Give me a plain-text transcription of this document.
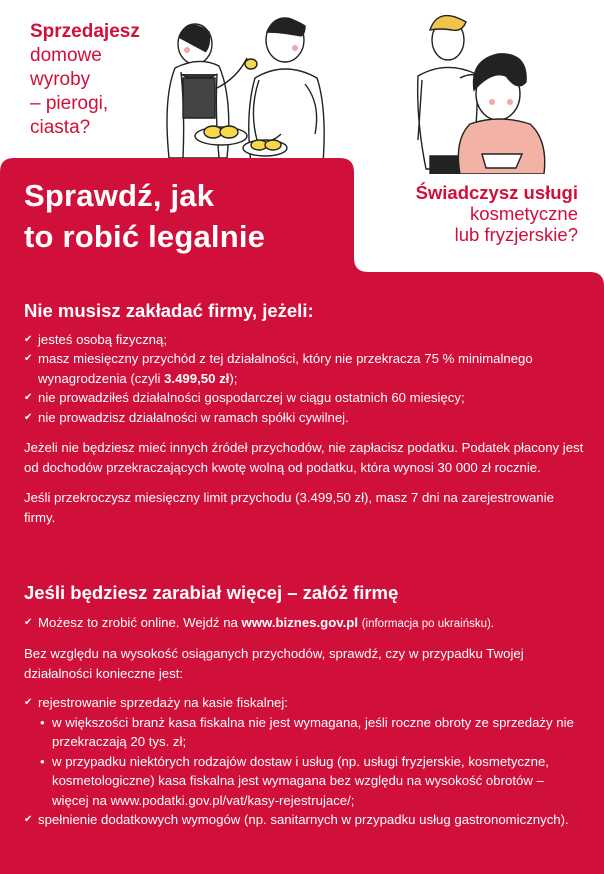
Sprzedajesz
domowe
wyroby
– pierogi,
ciasta?
Sprawdź, jak
to robić legalnie
Świadczysz usługi
kosmetyczne
lub fryzjerskie?
Nie musisz zakładać firmy, jeżeli:
✔ jesteś osobą fizyczną;
✔ masz miesięczny przychód z tej działalności, który nie przekracza 75 % minimalnego wynagrodzenia (czyli 3.499,50 zł);
✔ nie prowadziłeś działalności gospodarczej w ciągu ostatnich 60 miesięcy;
✔ nie prowadzisz działalności w ramach spółki cywilnej.

Jeżeli nie będziesz mieć innych źródeł przychodów, nie zapłacisz podatku. Podatek płacony jest od dochodów przekraczających kwotę wolną od podatku, która wynosi 30 000 zł rocznie.

Jeśli przekroczysz miesięczny limit przychodu (3.499,50 zł), masz 7 dni na zarejestrowanie firmy.

Jeśli będziesz zarabiał więcej – załóż firmę
✔ Możesz to zrobić online. Wejdź na www.biznes.gov.pl (informacja po ukraińsku).

Bez względu na wysokość osiąganych przychodów, sprawdź, czy w przypadku Twojej działalności konieczne jest:

✔ rejestrowanie sprzedaży na kasie fiskalnej:
• w większości branż kasa fiskalna nie jest wymagana, jeśli roczne obroty ze sprzedaży nie przekraczają 20 tys. zł;
• w przypadku niektórych rodzajów dostaw i usług (np. usługi fryzjerskie, kosmetyczne, kosmetologiczne) kasa fiskalna jest wymagana bez względu na wysokość obrotów – więcej na www.podatki.gov.pl/vat/kasy-rejestrujace/;
✔ spełnienie dodatkowych wymogów (np. sanitarnych w przypadku usług gastronomicznych).
